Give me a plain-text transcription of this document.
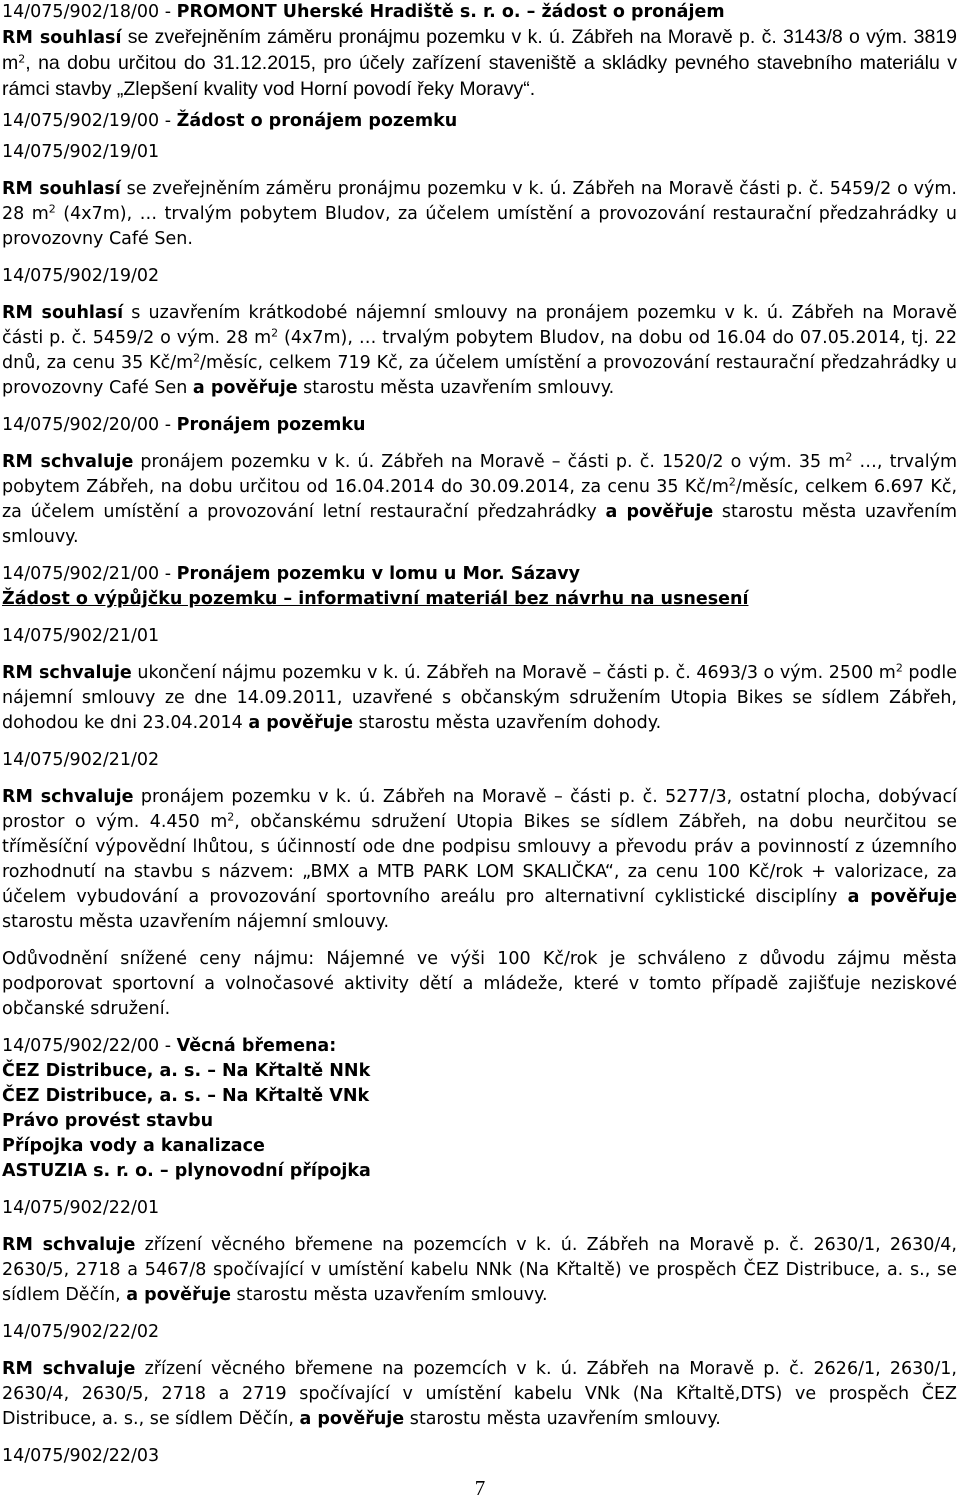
14/075/902/18/00 - PROMONT Uherské Hradiště s. r. o. – žádost o pronájem

RM souhlasí se zveřejněním záměru pronájmu pozemku v k. ú. Zábřeh na Moravě p. č. 3143/8 o vým. 3819 $m^2$, na dobu určitou do 31.12.2015, pro účely zařízení staveniště a skládky pevného stavebního materiálu v rámci stavby „Zlepšení kvality vod Horní povodí řeky Moravy“.

14/075/902/19/00 - Žádost o pronájem pozemku

14/075/902/19/01

RM souhlasí se zveřejněním záměru pronájmu pozemku v k. ú. Zábřeh na Moravě části p. č. 5459/2 o vým. 28 $m^2$ (4x7m), … trvalým pobytem Bludov, za účelem umístění a provozování restaurační předzahrádky u provozovny Café Sen.

14/075/902/19/02

RM souhlasí s uzavřením krátkodobé nájemní smlouvy na pronájem pozemku v k. ú. Zábřeh na Moravě části p. č. 5459/2 o vým. 28 $m^2$ (4x7m), … trvalým pobytem Bludov, na dobu od 16.04 do 07.05.2014, tj. 22 dnů, za cenu 35 $Kč/m^2$/měsíc, celkem 719 Kč, za účelem umístění a provozování restaurační předzahrádky u provozovny Café Sen a pověřuje starostu města uzavřením smlouvy.

14/075/902/20/00 - Pronájem pozemku

RM schvaluje pronájem pozemku v k. ú. Zábřeh na Moravě – části p. č. 1520/2 o vým. 35 $m^2$ …, trvalým pobytem Zábřeh, na dobu určitou od 16.04.2014 do 30.09.2014, za cenu 35 $Kč/m^2$/měsíc, celkem 6.697 Kč, za účelem umístění a provozování letní restaurační předzahrádky a pověřuje starostu města uzavřením smlouvy.

14/075/902/21/00 - Pronájem pozemku v lomu u Mor. Sázavy

Žádost o výpůjčku pozemku – informativní materiál bez návrhu na usnesení

14/075/902/21/01

RM schvaluje ukončení nájmu pozemku v k. ú. Zábřeh na Moravě – části p. č. 4693/3 o vým. 2500 $m^2$ podle nájemní smlouvy ze dne 14.09.2011, uzavřené s občanským sdružením Utopia Bikes se sídlem Zábřeh, dohodou ke dni 23.04.2014 a pověřuje starostu města uzavřením dohody.

14/075/902/21/02

RM schvaluje pronájem pozemku v k. ú. Zábřeh na Moravě – části p. č. 5277/3, ostatní plocha, dobývací prostor o vým. 4.450 $m^2$, občanskému sdružení Utopia Bikes se sídlem Zábřeh, na dobu neurčitou se tříměsíční výpovědní lhůtou, s účinností ode dne podpisu smlouvy a převodu práv a povinností z územního rozhodnutí na stavbu s názvem: „BMX a MTB PARK LOM SKALIČKA“, za cenu 100 Kč/rok + valorizace, za účelem vybudování a provozování sportovního areálu pro alternativní cyklistické disciplíny a pověřuje starostu města uzavřením nájemní smlouvy.

Odůvodnění snížené ceny nájmu: Nájemné ve výši 100 Kč/rok je schváleno z důvodu zájmu města podporovat sportovní a volnočasové aktivity dětí a mládeže, které v tomto případě zajišťuje neziskové občanské sdružení.

14/075/902/22/00 - Věcná břemena:

ČEZ Distribuce, a. s. – Na Křtaltě NNk

ČEZ Distribuce, a. s. – Na Křtaltě VNk

Právo provést stavbu

Přípojka vody a kanalizace

ASTUZIA s. r. o. – plynovodní přípojka

14/075/902/22/01

RM schvaluje zřízení věcného břemene na pozemcích v k. ú. Zábřeh na Moravě p. č. 2630/1, 2630/4, 2630/5, 2718 a 5467/8 spočívající v umístění kabelu NNk (Na Křtaltě) ve prospěch ČEZ Distribuce, a. s., se sídlem Děčín, a pověřuje starostu města uzavřením smlouvy.

14/075/902/22/02

RM schvaluje zřízení věcného břemene na pozemcích v k. ú. Zábřeh na Moravě p. č. 2626/1, 2630/1, 2630/4, 2630/5, 2718 a 2719 spočívající v umístění kabelu VNk (Na Křtaltě,DTS) ve prospěch ČEZ Distribuce, a. s., se sídlem Děčín, a pověřuje starostu města uzavřením smlouvy.

14/075/902/22/03

7
